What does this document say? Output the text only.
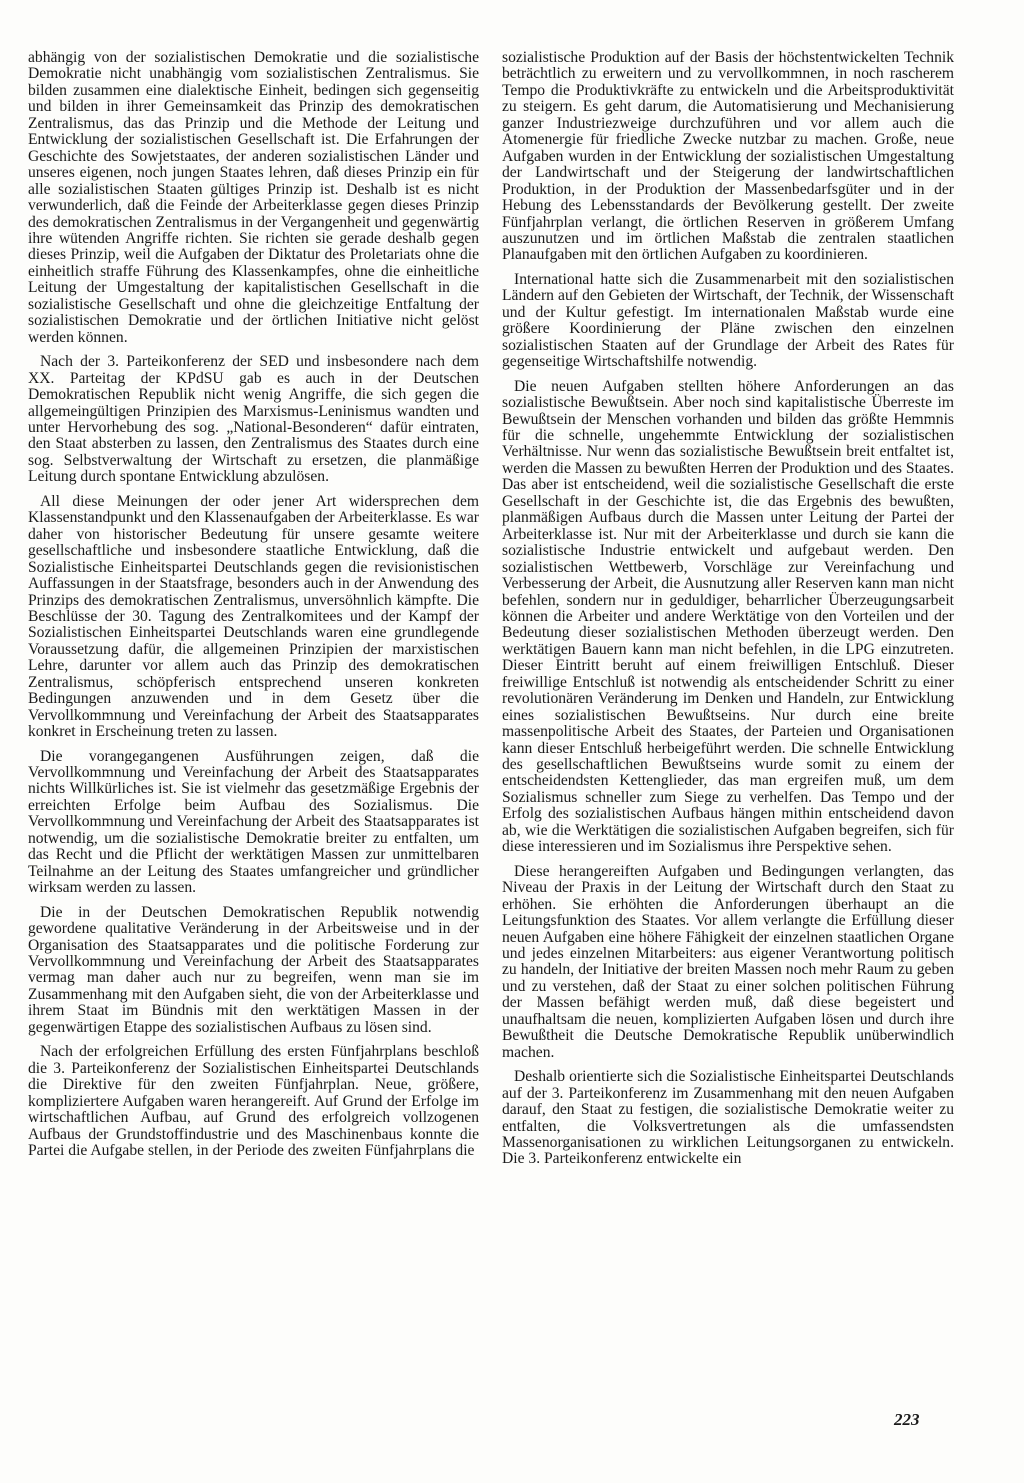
abhängig von der sozialistischen Demokratie und die sozialistische Demokratie nicht unabhängig vom sozialistischen Zentralismus. Sie bilden zusammen eine dialektische Einheit, bedingen sich gegenseitig und bilden in ihrer Gemeinsamkeit das Prinzip des demokratischen Zentralismus, das das Prinzip und die Methode der Leitung und Entwicklung der sozialistischen Gesellschaft ist. Die Erfahrungen der Geschichte des Sowjetstaates, der anderen sozialistischen Länder und unseres eigenen, noch jungen Staates lehren, daß dieses Prinzip ein für alle sozialistischen Staaten gültiges Prinzip ist. Deshalb ist es nicht verwunderlich, daß die Feinde der Arbeiterklasse gegen dieses Prinzip des demokratischen Zentralismus in der Vergangenheit und gegenwärtig ihre wütenden Angriffe richten. Sie richten sie gerade deshalb gegen dieses Prinzip, weil die Aufgaben der Diktatur des Proletariats ohne die einheitlich straffe Führung des Klassenkampfes, ohne die einheitliche Leitung der Umgestaltung der kapitalistischen Gesellschaft in die sozialistische Gesellschaft und ohne die gleichzeitige Entfaltung der sozialistischen Demokratie und der örtlichen Initiative nicht gelöst werden können.

Nach der 3. Parteikonferenz der SED und insbesondere nach dem XX. Parteitag der KPdSU gab es auch in der Deutschen Demokratischen Republik nicht wenig Angriffe, die sich gegen die allgemeingültigen Prinzipien des Marxismus-Leninismus wandten und unter Hervorhebung des sog. „National-Besonderen“ dafür eintraten, den Staat absterben zu lassen, den Zentralismus des Staates durch eine sog. Selbstverwaltung der Wirtschaft zu ersetzen, die planmäßige Leitung durch spontane Entwicklung abzulösen.

All diese Meinungen der oder jener Art widersprechen dem Klassenstandpunkt und den Klassenaufgaben der Arbeiterklasse. Es war daher von historischer Bedeutung für unsere gesamte weitere gesellschaftliche und insbesondere staatliche Entwicklung, daß die Sozialistische Einheitspartei Deutschlands gegen die revisionistischen Auffassungen in der Staatsfrage, besonders auch in der Anwendung des Prinzips des demokratischen Zentralismus, unversöhnlich kämpfte. Die Beschlüsse der 30. Tagung des Zentralkomitees und der Kampf der Sozialistischen Einheitspartei Deutschlands waren eine grundlegende Voraussetzung dafür, die allgemeinen Prinzipien der marxistischen Lehre, darunter vor allem auch das Prinzip des demokratischen Zentralismus, schöpferisch entsprechend unseren konkreten Bedingungen anzuwenden und in dem Gesetz über die Vervollkommnung und Vereinfachung der Arbeit des Staatsapparates konkret in Erscheinung treten zu lassen.

Die vorangegangenen Ausführungen zeigen, daß die Vervollkommnung und Vereinfachung der Arbeit des Staatsapparates nichts Willkürliches ist. Sie ist vielmehr das gesetzmäßige Ergebnis der erreichten Erfolge beim Aufbau des Sozialismus. Die Vervollkommnung und Vereinfachung der Arbeit des Staatsapparates ist notwendig, um die sozialistische Demokratie breiter zu entfalten, um das Recht und die Pflicht der werktätigen Massen zur unmittelbaren Teilnahme an der Leitung des Staates umfangreicher und gründlicher wirksam werden zu lassen.

Die in der Deutschen Demokratischen Republik notwendig gewordene qualitative Veränderung in der Arbeitsweise und in der Organisation des Staatsapparates und die politische Forderung zur Vervollkommnung und Vereinfachung der Arbeit des Staatsapparates vermag man daher auch nur zu begreifen, wenn man sie im Zusammenhang mit den Aufgaben sieht, die von der Arbeiterklasse und ihrem Staat im Bündnis mit den werktätigen Massen in der gegenwärtigen Etappe des sozialistischen Aufbaus zu lösen sind.

Nach der erfolgreichen Erfüllung des ersten Fünfjahrplans beschloß die 3. Parteikonferenz der Sozialistischen Einheitspartei Deutschlands die Direktive für den zweiten Fünfjahrplan. Neue, größere, kompliziertere Aufgaben waren herangereift. Auf Grund der Erfolge im wirtschaftlichen Aufbau, auf Grund des erfolgreich vollzogenen Aufbaus der Grundstoffindustrie und des Maschinenbaus konnte die Partei die Aufgabe stellen, in der Periode des zweiten Fünfjahrplans die

sozialistische Produktion auf der Basis der höchstentwickelten Technik beträchtlich zu erweitern und zu vervollkommnen, in noch rascherem Tempo die Produktivkräfte zu entwickeln und die Arbeitsproduktivität zu steigern. Es geht darum, die Automatisierung und Mechanisierung ganzer Industriezweige durchzuführen und vor allem auch die Atomenergie für friedliche Zwecke nutzbar zu machen. Große, neue Aufgaben wurden in der Entwicklung der sozialistischen Umgestaltung der Landwirtschaft und der Steigerung der landwirtschaftlichen Produktion, in der Produktion der Massenbedarfsgüter und in der Hebung des Lebensstandards der Bevölkerung gestellt. Der zweite Fünfjahrplan verlangt, die örtlichen Reserven in größerem Umfang auszunutzen und im örtlichen Maßstab die zentralen staatlichen Planaufgaben mit den örtlichen Aufgaben zu koordinieren.

International hatte sich die Zusammenarbeit mit den sozialistischen Ländern auf den Gebieten der Wirtschaft, der Technik, der Wissenschaft und der Kultur gefestigt. Im internationalen Maßstab wurde eine größere Koordinierung der Pläne zwischen den einzelnen sozialistischen Staaten auf der Grundlage der Arbeit des Rates für gegenseitige Wirtschaftshilfe notwendig.

Die neuen Aufgaben stellten höhere Anforderungen an das sozialistische Bewußtsein. Aber noch sind kapitalistische Überreste im Bewußtsein der Menschen vorhanden und bilden das größte Hemmnis für die schnelle, ungehemmte Entwicklung der sozialistischen Verhältnisse. Nur wenn das sozialistische Bewußtsein breit entfaltet ist, werden die Massen zu bewußten Herren der Produktion und des Staates. Das aber ist entscheidend, weil die sozialistische Gesellschaft die erste Gesellschaft in der Geschichte ist, die das Ergebnis des bewußten, planmäßigen Aufbaus durch die Massen unter Leitung der Partei der Arbeiterklasse ist. Nur mit der Arbeiterklasse und durch sie kann die sozialistische Industrie entwickelt und aufgebaut werden. Den sozialistischen Wettbewerb, Vorschläge zur Vereinfachung und Verbesserung der Arbeit, die Ausnutzung aller Reserven kann man nicht befehlen, sondern nur in geduldiger, beharrlicher Überzeugungsarbeit können die Arbeiter und andere Werktätige von den Vorteilen und der Bedeutung dieser sozialistischen Methoden überzeugt werden. Den werktätigen Bauern kann man nicht befehlen, in die LPG einzutreten. Dieser Eintritt beruht auf einem freiwilligen Entschluß. Dieser freiwillige Entschluß ist notwendig als entscheidender Schritt zu einer revolutionären Veränderung im Denken und Handeln, zur Entwicklung eines sozialistischen Bewußtseins. Nur durch eine breite massenpolitische Arbeit des Staates, der Parteien und Organisationen kann dieser Entschluß herbeigeführt werden. Die schnelle Entwicklung des gesellschaftlichen Bewußtseins wurde somit zu einem der entscheidendsten Kettenglieder, das man ergreifen muß, um dem Sozialismus schneller zum Siege zu verhelfen. Das Tempo und der Erfolg des sozialistischen Aufbaus hängen mithin entscheidend davon ab, wie die Werktätigen die sozialistischen Aufgaben begreifen, sich für diese interessieren und im Sozialismus ihre Perspektive sehen.

Diese herangereiften Aufgaben und Bedingungen verlangten, das Niveau der Praxis in der Leitung der Wirtschaft durch den Staat zu erhöhen. Sie erhöhten die Anforderungen überhaupt an die Leitungsfunktion des Staates. Vor allem verlangte die Erfüllung dieser neuen Aufgaben eine höhere Fähigkeit der einzelnen staatlichen Organe und jedes einzelnen Mitarbeiters: aus eigener Verantwortung politisch zu handeln, der Initiative der breiten Massen noch mehr Raum zu geben und zu verstehen, daß der Staat zu einer solchen politischen Führung der Massen befähigt werden muß, daß diese begeistert und unaufhaltsam die neuen, komplizierten Aufgaben lösen und durch ihre Bewußtheit die Deutsche Demokratische Republik unüberwindlich machen.

Deshalb orientierte sich die Sozialistische Einheitspartei Deutschlands auf der 3. Parteikonferenz im Zusammenhang mit den neuen Aufgaben darauf, den Staat zu festigen, die sozialistische Demokratie weiter zu entfalten, die Volksvertretungen als die umfassendsten Massenorganisationen zu wirklichen Leitungsorganen zu entwickeln. Die 3. Parteikonferenz entwickelte ein

223
